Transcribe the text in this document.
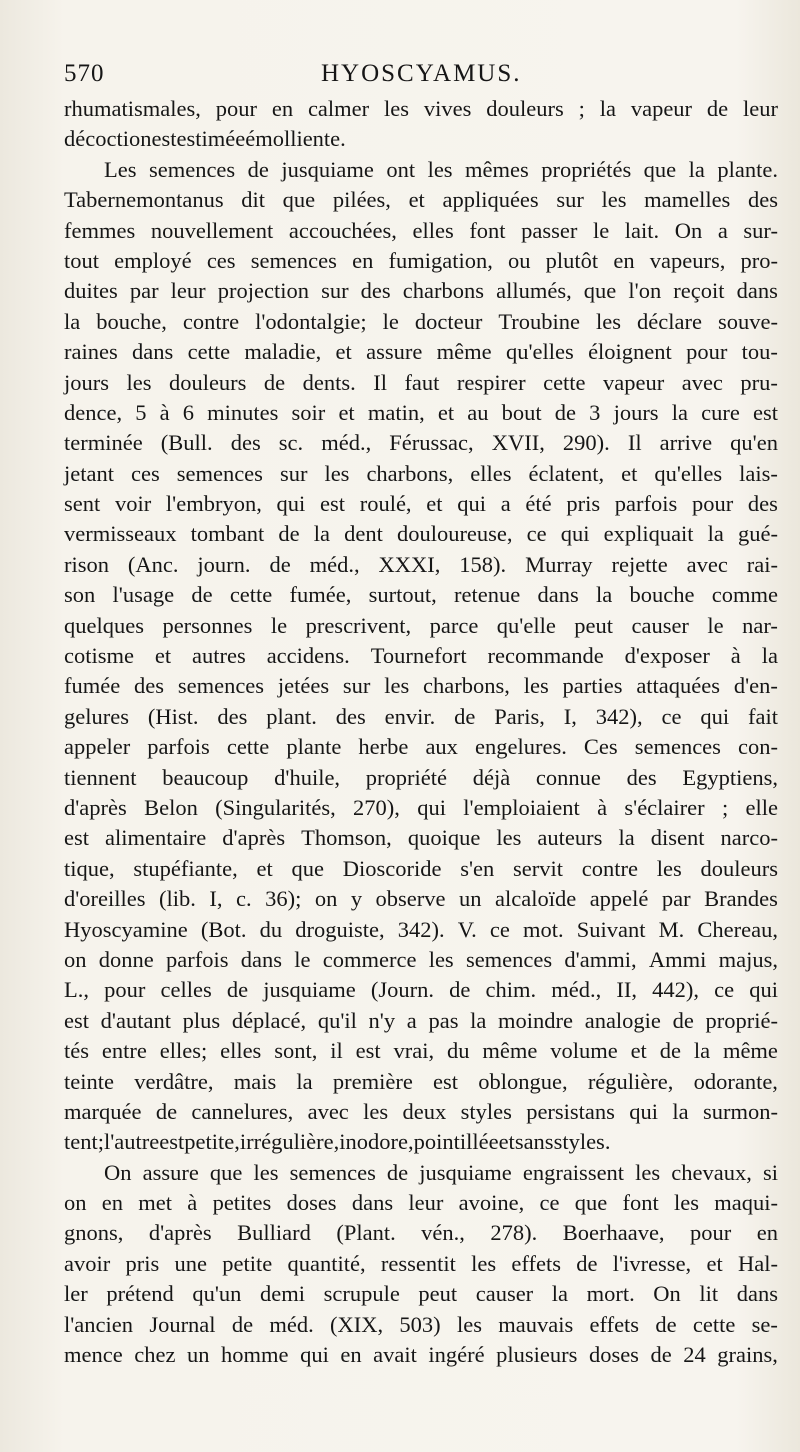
570	HYOSCYAMUS.
rhumatismales, pour en calmer les vives douleurs ; la vapeur de leur
décoction est estimée émolliente.
Les semences de jusquiame ont les mêmes propriétés que la plante.
Tabernemontanus dit que pilées, et appliquées sur les mamelles des
femmes nouvellement accouchées, elles font passer le lait. On a sur-
tout employé ces semences en fumigation, ou plutôt en vapeurs, pro-
duites par leur projection sur des charbons allumés, que l'on reçoit dans
la bouche, contre l'odontalgie; le docteur Troubine les déclare souve-
raines dans cette maladie, et assure même qu'elles éloignent pour tou-
jours les douleurs de dents. Il faut respirer cette vapeur avec pru-
dence, 5 à 6 minutes soir et matin, et au bout de 3 jours la cure est
terminée (Bull. des sc. méd., Férussac, XVII, 290). Il arrive qu'en
jetant ces semences sur les charbons, elles éclatent, et qu'elles lais-
sent voir l'embryon, qui est roulé, et qui a été pris parfois pour des
vermisseaux tombant de la dent douloureuse, ce qui expliquait la gué-
rison (Anc. journ. de méd., XXXI, 158). Murray rejette avec rai-
son l'usage de cette fumée, surtout, retenue dans la bouche comme
quelques personnes le prescrivent, parce qu'elle peut causer le nar-
cotisme et autres accidens. Tournefort recommande d'exposer à la
fumée des semences jetées sur les charbons, les parties attaquées d'en-
gelures (Hist. des plant. des envir. de Paris, I, 342), ce qui fait
appeler parfois cette plante herbe aux engelures. Ces semences con-
tiennent beaucoup d'huile, propriété déjà connue des Egyptiens,
d'après Belon (Singularités, 270), qui l'emploiaient à s'éclairer ; elle
est alimentaire d'après Thomson, quoique les auteurs la disent narco-
tique, stupéfiante, et que Dioscoride s'en servit contre les douleurs
d'oreilles (lib. I, c. 36); on y observe un alcaloïde appelé par Brandes
Hyoscyamine (Bot. du droguiste, 342). V. ce mot. Suivant M. Chereau,
on donne parfois dans le commerce les semences d'ammi, Ammi majus,
L., pour celles de jusquiame (Journ. de chim. méd., II, 442), ce qui
est d'autant plus déplacé, qu'il n'y a pas la moindre analogie de proprié-
tés entre elles; elles sont, il est vrai, du même volume et de la même
teinte verdâtre, mais la première est oblongue, régulière, odorante,
marquée de cannelures, avec les deux styles persistans qui la surmon-
tent; l'autre est petite, irrégulière, inodore, pointillée et sans styles.
On assure que les semences de jusquiame engraissent les chevaux, si
on en met à petites doses dans leur avoine, ce que font les maqui-
gnons, d'après Bulliard (Plant. vén., 278). Boerhaave, pour en
avoir pris une petite quantité, ressentit les effets de l'ivresse, et Hal-
ler prétend qu'un demi scrupule peut causer la mort. On lit dans
l'ancien Journal de méd. (XIX, 503) les mauvais effets de cette se-
mence chez un homme qui en avait ingéré plusieurs doses de 24 grains,
